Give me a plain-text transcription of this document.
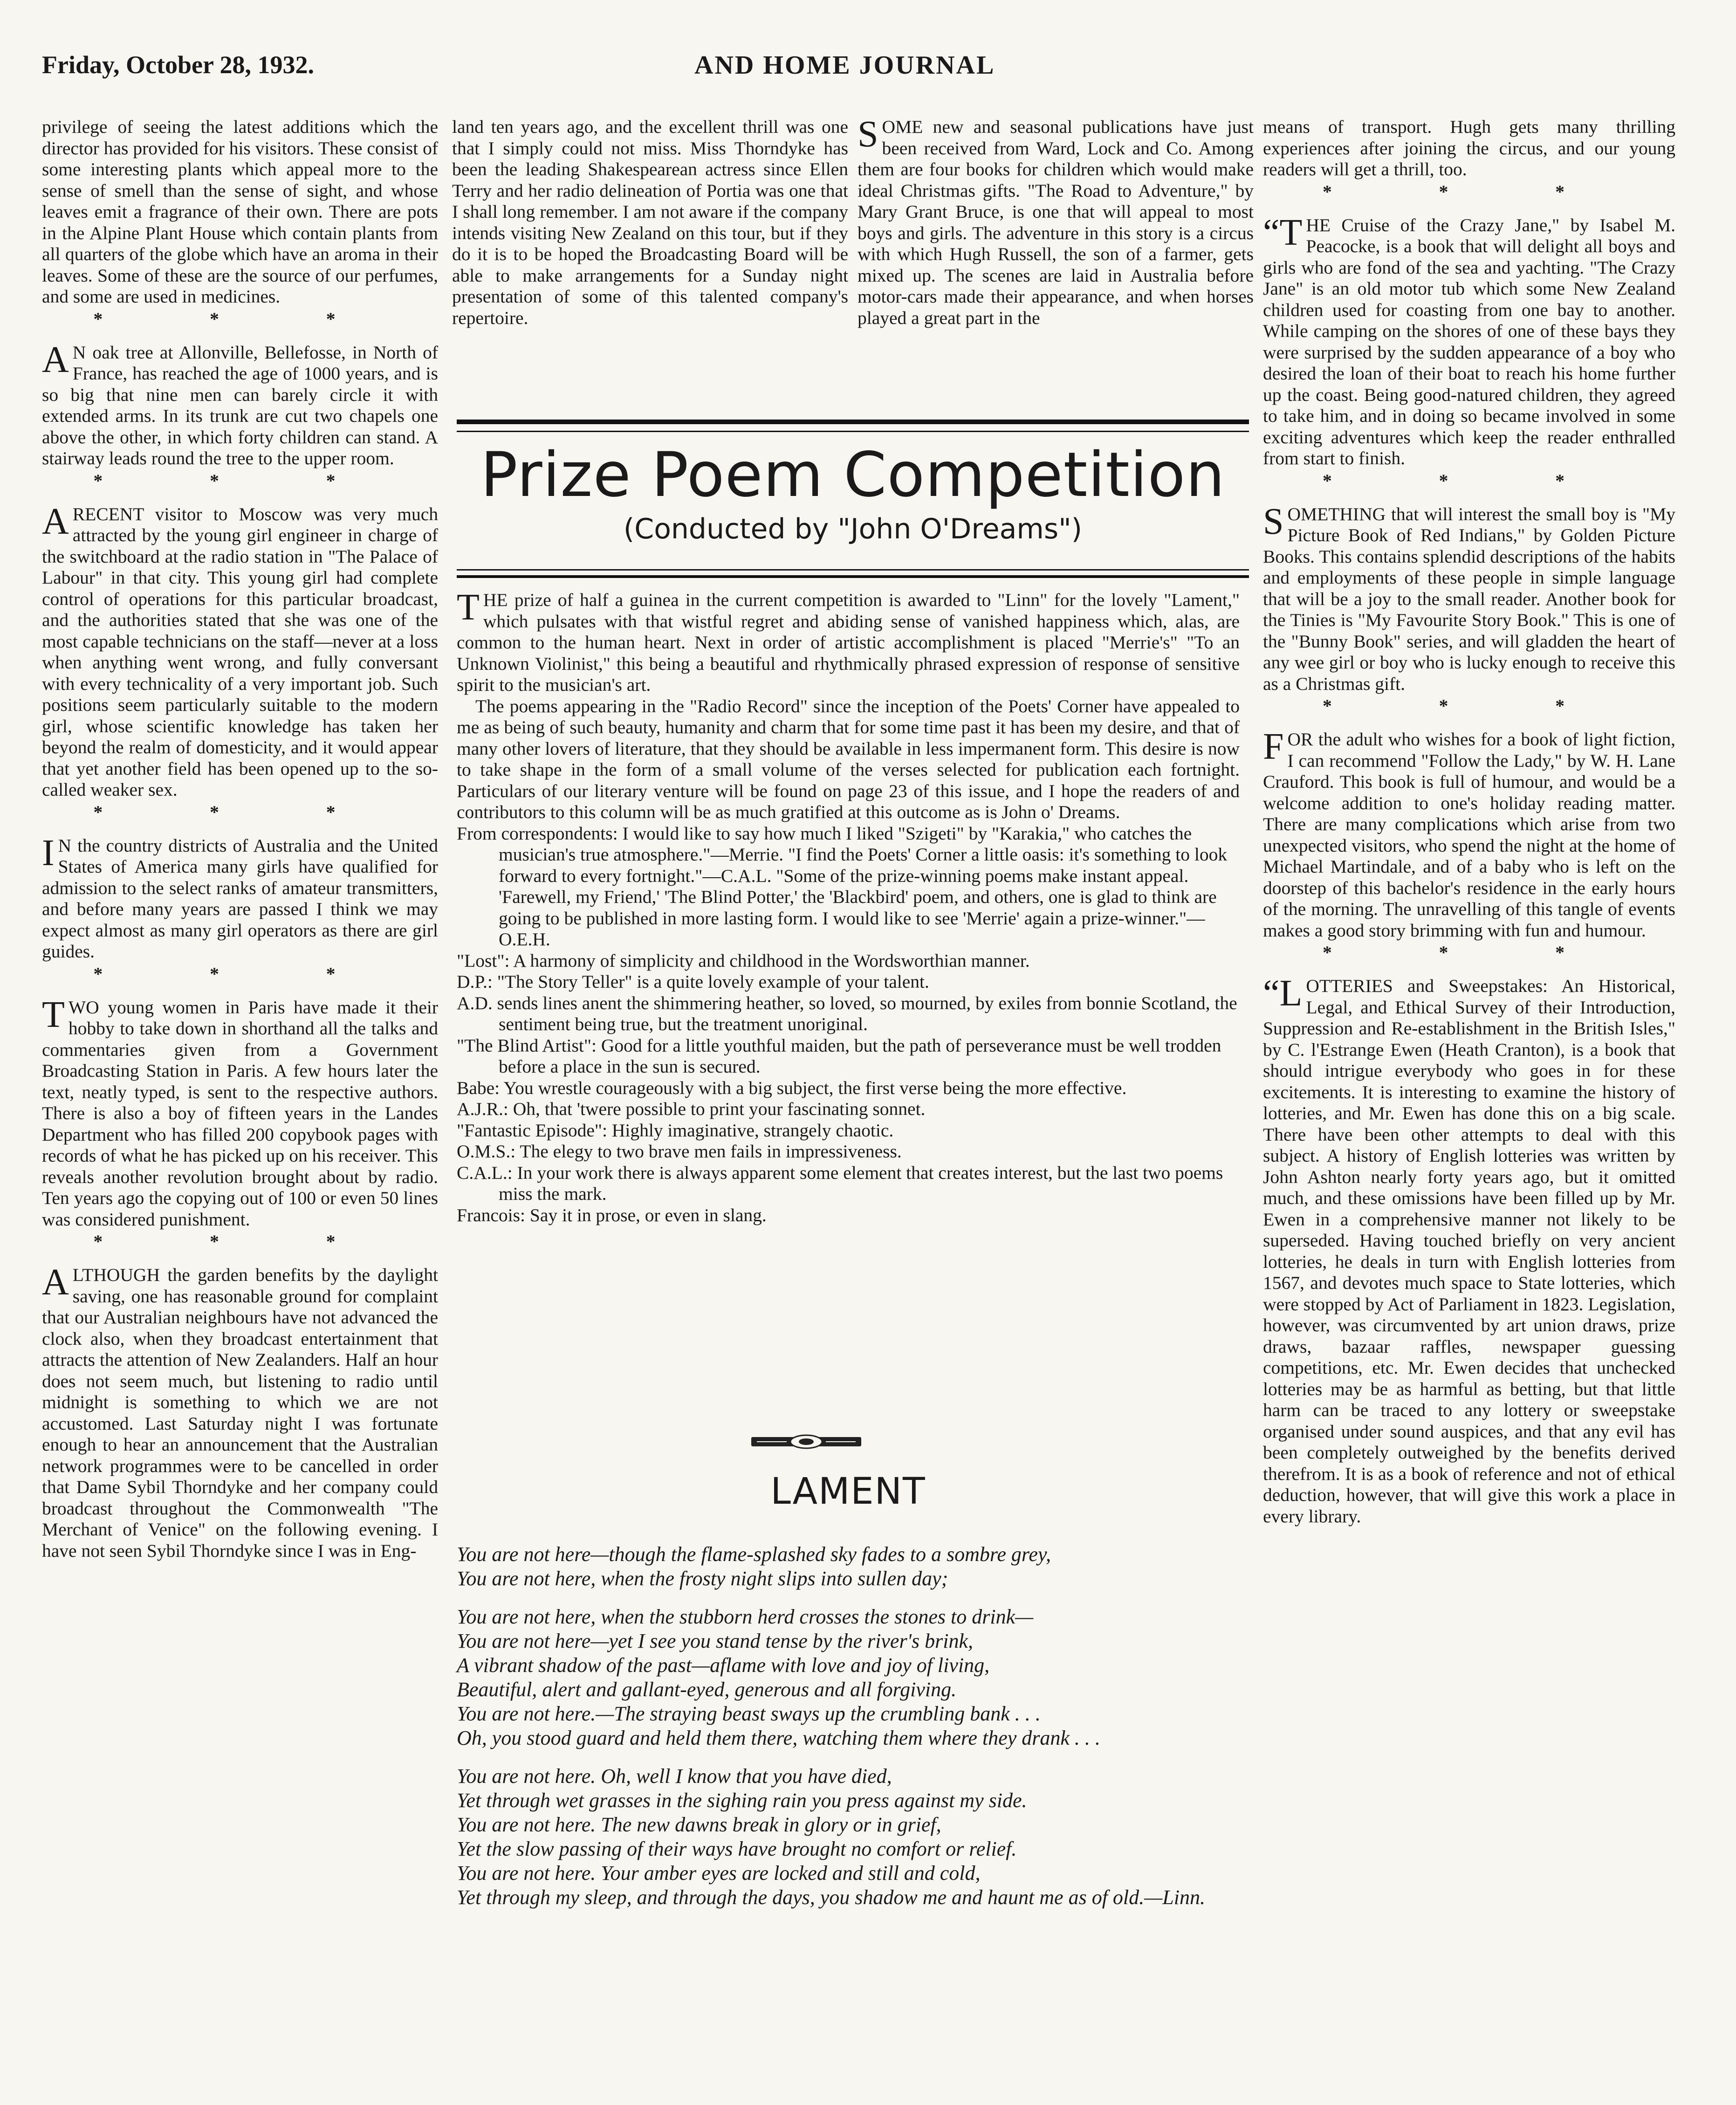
Friday, October 28, 1932.	AND HOME JOURNAL

privilege of seeing the latest additions which the director has provided for his visitors. These consist of some interesting plants which appeal more to the sense of smell than the sense of sight, and whose leaves emit a fragrance of their own. There are pots in the Alpine Plant House which contain plants from all quarters of the globe which have an aroma in their leaves. Some of these are the source of our perfumes, and some are used in medicines.

* * *

A N oak tree at Allonville, Bellefosse, in North of France, has reached the age of 1000 years, and is so big that nine men can barely circle it with extended arms. In its trunk are cut two chapels one above the other, in which forty children can stand. A stairway leads round the tree to the upper room.

* * *

ARECENT visitor to Moscow was very much attracted by the young girl engineer in charge of the switchboard at the radio station in "The Palace of Labour" in that city. This young girl had complete control of operations for this particular broadcast, and the authorities stated that she was one of the most capable technicians on the staff—never at a loss when anything went wrong, and fully conversant with every technicality of a very important job. Such positions seem particularly suitable to the modern girl, whose scientific knowledge has taken her beyond the realm of domesticity, and it would appear that yet another field has been opened up to the so-called weaker sex.

* * *

I N the country districts of Australia and the United States of America many girls have qualified for admission to the select ranks of amateur transmitters, and before many years are passed I think we may expect almost as many girl operators as there are girl guides.

* * *

TWO young women in Paris have made it their hobby to take down in shorthand all the talks and commentaries given from a Government Broadcasting Station in Paris. A few hours later the text, neatly typed, is sent to the respective authors. There is also a boy of fifteen years in the Landes Department who has filled 200 copybook pages with records of what he has picked up on his receiver. This reveals another revolution brought about by radio. Ten years ago the copying out of 100 or even 50 lines was considered punishment.

* * *

ALTHOUGH the garden benefits by the daylight saving, one has reasonable ground for complaint that our Australian neighbours have not advanced the clock also, when they broadcast entertainment that attracts the attention of New Zealanders. Half an hour does not seem much, but listening to radio until midnight is something to which we are not accustomed. Last Saturday night I was fortunate enough to hear an announcement that the Australian network programmes were to be cancelled in order that Dame Sybil Thorndyke and her company could broadcast throughout the Commonwealth "The Merchant of Venice" on the following evening. I have not seen Sybil Thorndyke since I was in Eng-

land ten years ago, and the excellent thrill was one that I simply could not miss. Miss Thorndyke has been the leading Shakespearean actress since Ellen Terry and her radio delineation of Portia was one that I shall long remember. I am not aware if the company intends visiting New Zealand on this tour, but if they do it is to be hoped the Broadcasting Board will be able to make arrangements for a Sunday night presentation of some of this talented company's repertoire.

SOME new and seasonal publications have just been received from Ward, Lock and Co. Among them are four books for children which would make ideal Christmas gifts. "The Road to Adventure," by Mary Grant Bruce, is one that will appeal to most boys and girls. The adventure in this story is a circus with which Hugh Russell, the son of a farmer, gets mixed up. The scenes are laid in Australia before motor-cars made their appearance, and when horses played a great part in the

means of transport. Hugh gets many thrilling experiences after joining the circus, and our young readers will get a thrill, too.

* * *

“T HE Cruise of the Crazy Jane," by Isabel M. Peacocke, is a book that will delight all boys and girls who are fond of the sea and yachting. "The Crazy Jane" is an old motor tub which some New Zealand children used for coasting from one bay to another. While camping on the shores of one of these bays they were surprised by the sudden appearance of a boy who desired the loan of their boat to reach his home further up the coast. Being good-natured children, they agreed to take him, and in doing so became involved in some exciting adventures which keep the reader enthralled from start to finish.

* * *

SOMETHING that will interest the small boy is "My Picture Book of Red Indians," by Golden Picture Books. This contains splendid descriptions of the habits and employments of these people in simple language that will be a joy to the small reader. Another book for the Tinies is "My Favourite Story Book." This is one of the "Bunny Book" series, and will gladden the heart of any wee girl or boy who is lucky enough to receive this as a Christmas gift.

* * *

FOR the adult who wishes for a book of light fiction, I can recommend "Follow the Lady," by W. H. Lane Crauford. This book is full of humour, and would be a welcome addition to one's holiday reading matter. There are many complications which arise from two unexpected visitors, who spend the night at the home of Michael Martindale, and of a baby who is left on the doorstep of this bachelor's residence in the early hours of the morning. The unravelling of this tangle of events makes a good story brimming with fun and humour.

* * *

“L OTTERIES and Sweepstakes: An Historical, Legal, and Ethical Survey of their Introduction, Suppression and Re-establishment in the British Isles," by C. l'Estrange Ewen (Heath Cranton), is a book that should intrigue everybody who goes in for these excitements. It is interesting to examine the history of lotteries, and Mr. Ewen has done this on a big scale. There have been other attempts to deal with this subject. A history of English lotteries was written by John Ashton nearly forty years ago, but it omitted much, and these omissions have been filled up by Mr. Ewen in a comprehensive manner not likely to be superseded. Having touched briefly on very ancient lotteries, he deals in turn with English lotteries from 1567, and devotes much space to State lotteries, which were stopped by Act of Parliament in 1823. Legislation, however, was circumvented by art union draws, prize draws, bazaar raffles, newspaper guessing competitions, etc. Mr. Ewen decides that unchecked lotteries may be as harmful as betting, but that little harm can be traced to any lottery or sweepstake organised under sound auspices, and that any evil has been completely outweighed by the benefits derived therefrom. It is as a book of reference and not of ethical deduction, however, that will give this work a place in every library.

Prize Poem Competition
(Conducted by "John O'Dreams")

THE prize of half a guinea in the current competition is awarded to "Linn" for the lovely "Lament," which pulsates with that wistful regret and abiding sense of vanished happiness which, alas, are common to the human heart. Next in order of artistic accomplishment is placed "Merrie's" "To an Unknown Violinist," this being a beautiful and rhythmically phrased expression of response of sensitive spirit to the musician's art.

The poems appearing in the "Radio Record" since the inception of the Poets' Corner have appealed to me as being of such beauty, humanity and charm that for some time past it has been my desire, and that of many other lovers of literature, that they should be available in less impermanent form. This desire is now to take shape in the form of a small volume of the verses selected for publication each fortnight. Particulars of our literary venture will be found on page 23 of this issue, and I hope the readers of and contributors to this column will be as much gratified at this outcome as is John o' Dreams.

From correspondents: I would like to say how much I liked "Szigeti" by "Karakia," who catches the musician's true atmosphere."—Merrie. "I find the Poets' Corner a little oasis: it's something to look forward to every fortnight."—C.A.L. "Some of the prize-winning poems make instant appeal. 'Farewell, my Friend,' 'The Blind Potter,' the 'Blackbird' poem, and others, one is glad to think are going to be published in more lasting form. I would like to see 'Merrie' again a prize-winner."—O.E.H.

"Lost": A harmony of simplicity and childhood in the Wordsworthian manner.

D.P.: "The Story Teller" is a quite lovely example of your talent.

A.D. sends lines anent the shimmering heather, so loved, so mourned, by exiles from bonnie Scotland, the sentiment being true, but the treatment unoriginal.

"The Blind Artist": Good for a little youthful maiden, but the path of perseverance must be well trodden before a place in the sun is secured.

Babe: You wrestle courageously with a big subject, the first verse being the more effective.

A.J.R.: Oh, that 'twere possible to print your fascinating sonnet.

"Fantastic Episode": Highly imaginative, strangely chaotic.

O.M.S.: The elegy to two brave men fails in impressiveness.

C.A.L.: In your work there is always apparent some element that creates interest, but the last two poems miss the mark.

Francois: Say it in prose, or even in slang.

LAMENT

You are not here—though the flame-splashed sky fades to a sombre grey,

You are not here, when the frosty night slips into sullen day;

You are not here, when the stubborn herd crosses the stones to drink—

You are not here—yet I see you stand tense by the river's brink,

A vibrant shadow of the past—aflame with love and joy of living,

Beautiful, alert and gallant-eyed, generous and all forgiving.

You are not here.—The straying beast sways up the crumbling bank . . .

Oh, you stood guard and held them there, watching them where they drank . . .

You are not here. Oh, well I know that you have died,

Yet through wet grasses in the sighing rain you press against my side.

You are not here. The new dawns break in glory or in grief,

Yet the slow passing of their ways have brought no comfort or relief.

You are not here. Your amber eyes are locked and still and cold,

Yet through my sleep, and through the days, you shadow me and haunt me as of old.—Linn.
